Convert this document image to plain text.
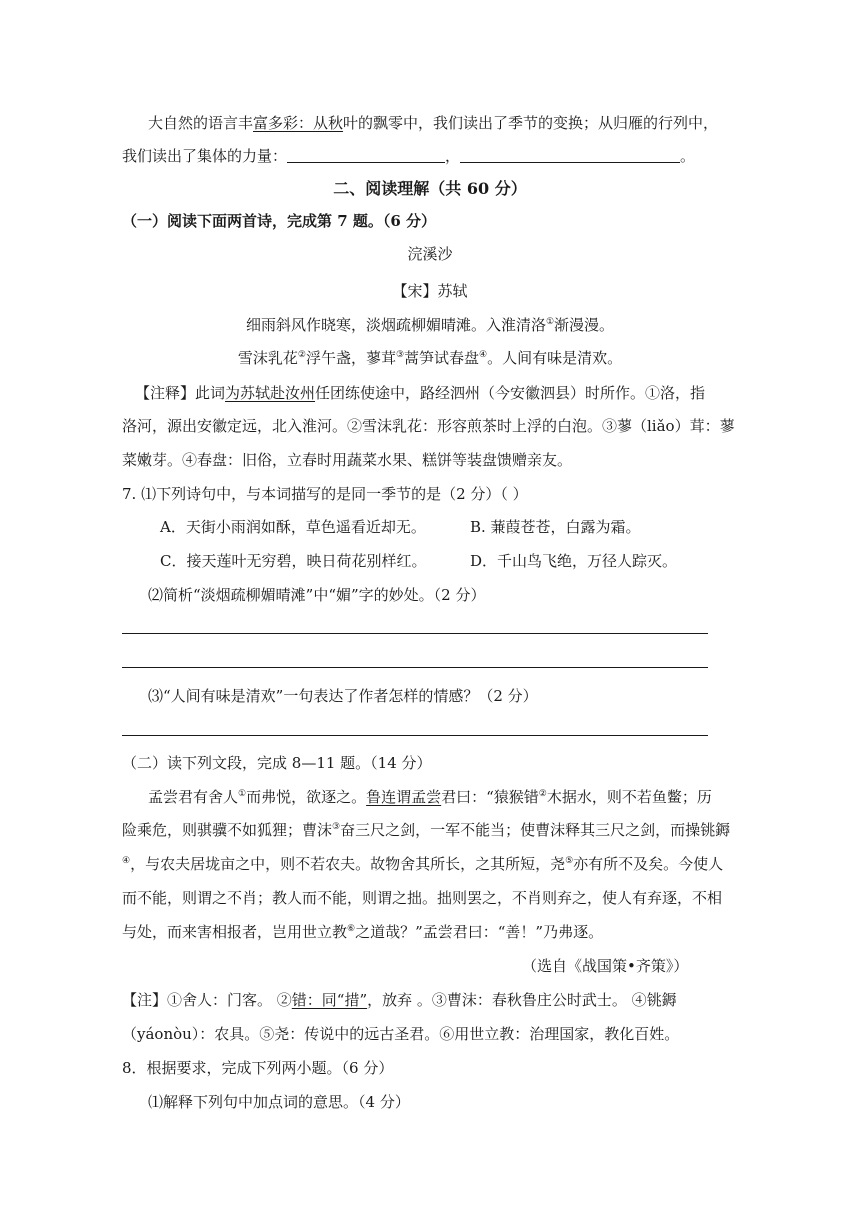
大自然的语言丰富多彩：从秋叶的飘零中，我们读出了季节的变换；从归雁的行列中，
我们读出了集体的力量：	，	。
二、阅读理解（共 60 分）
（一）阅读下面两首诗，完成第 7 题。（6 分）
浣溪沙
【宋】苏轼
细雨斜风作晓寒，淡烟疏柳媚晴滩。入淮清洛①渐漫漫。
雪沫乳花②浮午盏，蓼茸③蒿笋试春盘④。人间有味是清欢。
【注释】此词为苏轼赴汝州任团练使途中，路经泗州（今安徽泗县）时所作。①洛，指
洛河，源出安徽定远，北入淮河。②雪沫乳花：形容煎茶时上浮的白泡。③蓼（liǎo）茸：蓼
菜嫩芽。④春盘：旧俗，立春时用蔬菜水果、糕饼等装盘馈赠亲友。
7. ⑴下列诗句中，与本词描写的是同一季节的是（2 分）（ ）
A．天街小雨润如酥，草色遥看近却无。	B. 蒹葭苍苍，白露为霜。
C．接天莲叶无穷碧，映日荷花别样红。	D．千山鸟飞绝，万径人踪灭。
⑵简析“淡烟疏柳媚晴滩”中“媚”字的妙处。（2 分）
⑶“人间有味是清欢”一句表达了作者怎样的情感？（2 分）
（二）读下列文段，完成 8—11 题。（14 分）
孟尝君有舍人①而弗悦，欲逐之。鲁连谓孟尝君曰：“猿猴错②木据水，则不若鱼鳖；历
险乘危，则骐骥不如狐狸；曹沫③奋三尺之剑，一军不能当；使曹沫释其三尺之剑，而操铫鎒
④，与农夫居垅亩之中，则不若农夫。故物舍其所长，之其所短，尧⑤亦有所不及矣。今使人
而不能，则谓之不肖；教人而不能，则谓之拙。拙则罢之，不肖则弃之，使人有弃逐，不相
与处，而来害相报者，岂用世立教⑥之道哉？”孟尝君曰：“善！”乃弗逐。
（选自《战国策•齐策》）
【注】①舍人：门客。 ②错：同“措”，放弃 。③曹沫：春秋鲁庄公时武士。 ④铫鎒
（yáonòu）：农具。⑤尧：传说中的远古圣君。⑥用世立教：治理国家，教化百姓。
8．根据要求，完成下列两小题。（6 分）
⑴解释下列句中加点词的意思。（4 分）
